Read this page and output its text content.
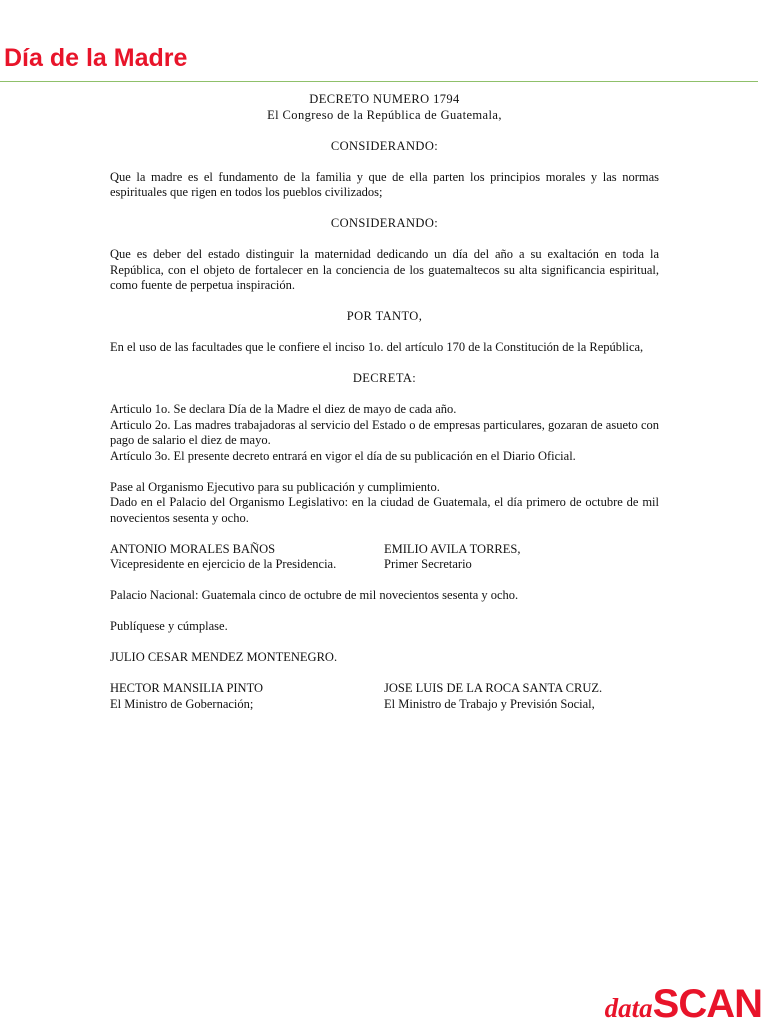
Día de la Madre
DECRETO NUMERO 1794
El Congreso de la República de Guatemala,
CONSIDERANDO:

Que la madre es el fundamento de la familia y que de ella parten los principios morales y las normas espirituales que rigen en todos los pueblos civilizados;

CONSIDERANDO:

Que es deber del estado distinguir la maternidad dedicando un día del año a su exaltación en toda la República, con el objeto de fortalecer en la conciencia de los guatemaltecos su alta significancia espiritual, como fuente de perpetua inspiración.

POR TANTO,

En el uso de las facultades que le confiere el inciso 1o. del artículo 170 de la Constitución de la República,

DECRETA:

Articulo 1o. Se declara Día de la Madre el diez de mayo de cada año.

Articulo 2o. Las madres trabajadoras al servicio del Estado o de empresas particulares, gozaran de asueto con pago de salario el diez de mayo.

Artículo 3o. El presente decreto entrará en vigor el día de su publicación en el Diario Oficial.

Pase al Organismo Ejecutivo para su publicación y cumplimiento.

Dado en el Palacio del Organismo Legislativo: en la ciudad de Guatemala, el día primero de octubre de mil novecientos sesenta y ocho.

ANTONIO MORALES BAÑOS
Vicepresidente en ejercicio de la Presidencia.
EMILIO AVILA TORRES,
Primer Secretario

Palacio Nacional: Guatemala cinco de octubre de mil novecientos sesenta y ocho.

Publíquese y cúmplase.

JULIO CESAR MENDEZ MONTENEGRO.

HECTOR MANSILIA PINTO
El Ministro de Gobernación;
JOSE LUIS DE LA ROCA SANTA CRUZ.
El Ministro de Trabajo y Previsión Social,
dataSCAN
